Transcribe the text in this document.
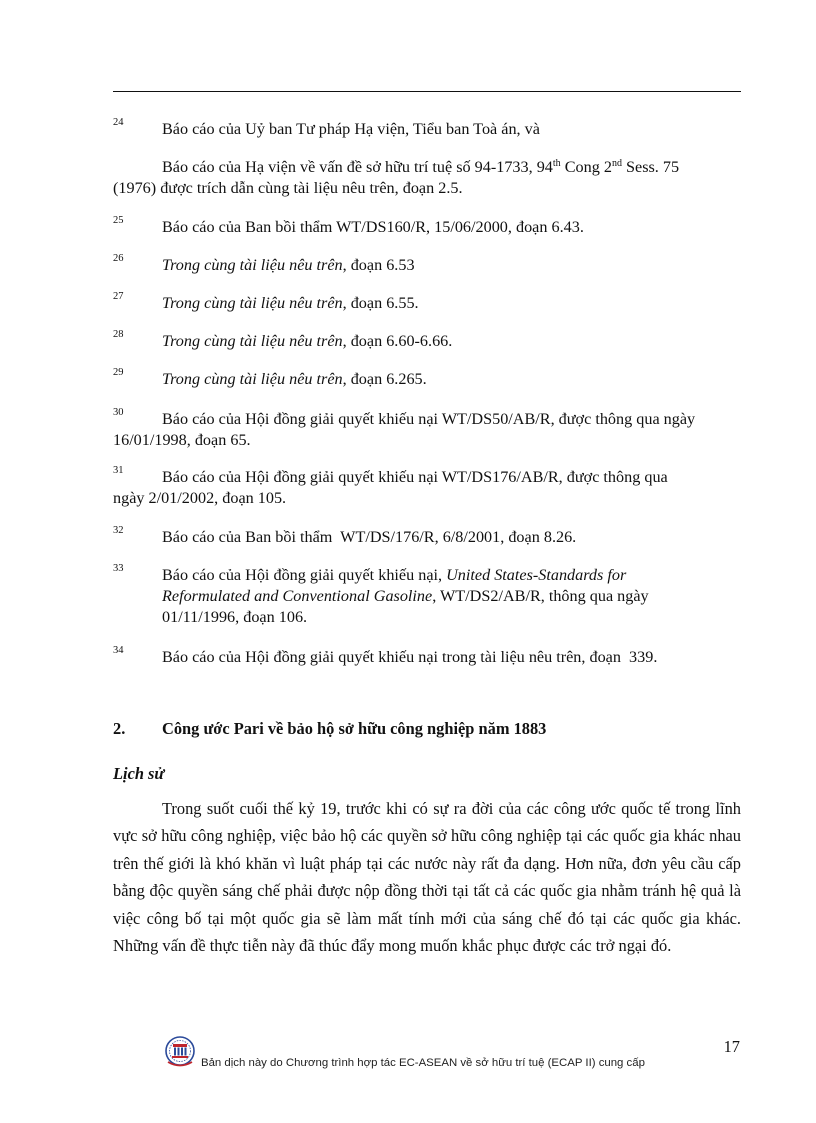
24	Báo cáo của Uỷ ban Tư pháp Hạ viện, Tiểu ban Toà án, và
Báo cáo của Hạ viện về vấn đề sở hữu trí tuệ số 94-1733, 94th Cong 2nd Sess. 75
(1976) được trích dẫn cùng tài liệu nêu trên, đoạn 2.5.
25	Báo cáo của Ban bồi thẩm WT/DS160/R, 15/06/2000, đoạn 6.43.
26	Trong cùng tài liệu nêu trên, đoạn 6.53
27	Trong cùng tài liệu nêu trên, đoạn 6.55.
28	Trong cùng tài liệu nêu trên, đoạn 6.60-6.66.
29	Trong cùng tài liệu nêu trên, đoạn 6.265.
30	Báo cáo của Hội đồng giải quyết khiếu nại WT/DS50/AB/R, được thông qua ngày
16/01/1998, đoạn 65.
31	Báo cáo của Hội đồng giải quyết khiếu nại WT/DS176/AB/R, được thông qua
ngày 2/01/2002, đoạn 105.
32	Báo cáo của Ban bồi thẩm  WT/DS/176/R, 6/8/2001, đoạn 8.26.
33	Báo cáo của Hội đồng giải quyết khiếu nại, United States-Standards for
Reformulated and Conventional Gasoline, WT/DS2/AB/R, thông qua ngày
01/11/1996, đoạn 106.
34	Báo cáo của Hội đồng giải quyết khiếu nại trong tài liệu nêu trên, đoạn  339.
2. Công ước Pari về bảo hộ sở hữu công nghiệp năm 1883
Lịch sử
Trong suốt cuối thế kỷ 19, trước khi có sự ra đời của các công ước quốc tế trong lĩnh vực sở hữu công nghiệp, việc bảo hộ các quyền sở hữu công nghiệp tại các quốc gia khác nhau trên thế giới là khó khăn vì luật pháp tại các nước này rất đa dạng. Hơn nữa, đơn yêu cầu cấp bằng độc quyền sáng chế phải được nộp đồng thời tại tất cả các quốc gia nhằm tránh hệ quả là việc công bố tại một quốc gia sẽ làm mất tính mới của sáng chế đó tại các quốc gia khác. Những vấn đề thực tiễn này đã thúc đẩy mong muốn khắc phục được các trở ngại đó.
17
Bản dịch này do Chương trình hợp tác EC-ASEAN về sở hữu trí tuệ (ECAP II) cung cấp
